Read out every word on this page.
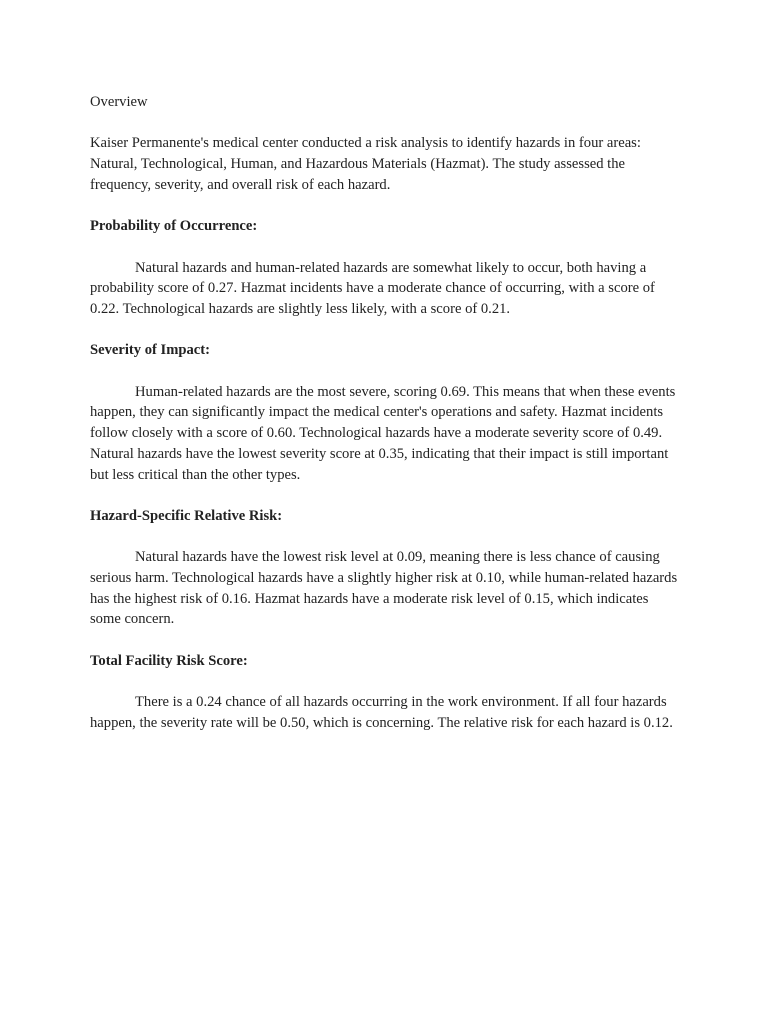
Overview

Kaiser Permanente's medical center conducted a risk analysis to identify hazards in four areas: Natural, Technological, Human, and Hazardous Materials (Hazmat). The study assessed the frequency, severity, and overall risk of each hazard.

Probability of Occurrence:

Natural hazards and human-related hazards are somewhat likely to occur, both having a probability score of 0.27. Hazmat incidents have a moderate chance of occurring, with a score of 0.22. Technological hazards are slightly less likely, with a score of 0.21.

Severity of Impact:

Human-related hazards are the most severe, scoring 0.69. This means that when these events happen, they can significantly impact the medical center's operations and safety. Hazmat incidents follow closely with a score of 0.60. Technological hazards have a moderate severity score of 0.49. Natural hazards have the lowest severity score at 0.35, indicating that their impact is still important but less critical than the other types.

Hazard-Specific Relative Risk:

Natural hazards have the lowest risk level at 0.09, meaning there is less chance of causing serious harm. Technological hazards have a slightly higher risk at 0.10, while human-related hazards has the highest risk of 0.16. Hazmat hazards have a moderate risk level of 0.15, which indicates some concern.

Total Facility Risk Score:

There is a 0.24 chance of all hazards occurring in the work environment. If all four hazards happen, the severity rate will be 0.50, which is concerning. The relative risk for each hazard is 0.12.
